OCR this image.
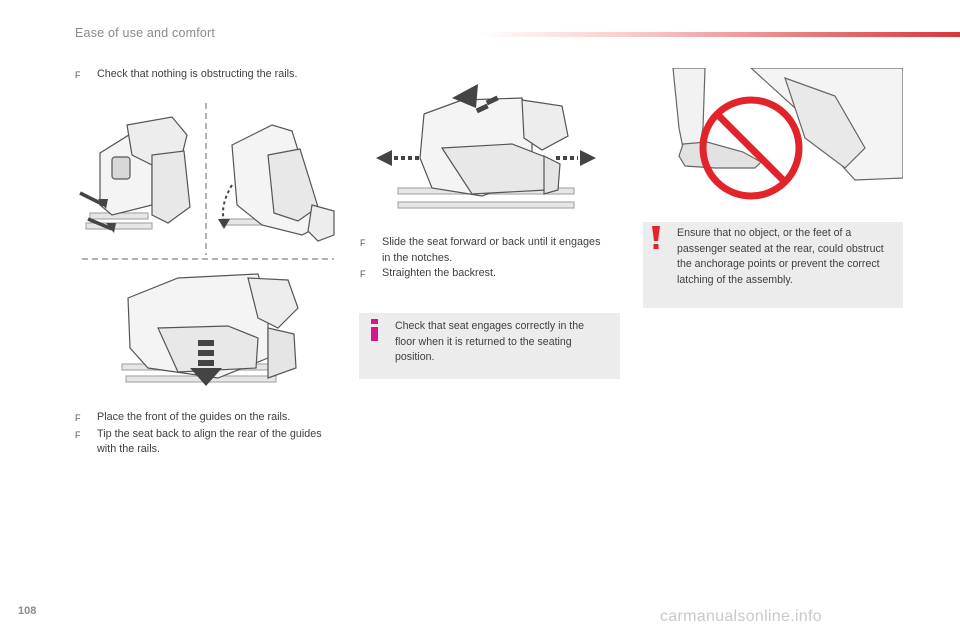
Ease of use and comfort
F	Check that nothing is obstructing the rails.
F	Place the front of the guides on the rails.
F	Tip the seat back to align the rear of the guides with the rails.
F	Slide the seat forward or back until it engages in the notches.
F	Straighten the backrest.
Check that seat engages correctly in the floor when it is returned to the seating position.
Ensure that no object, or the feet of a passenger seated at the rear, could obstruct the anchorage points or prevent the correct latching of the assembly.
108	carmanualsonline.info
